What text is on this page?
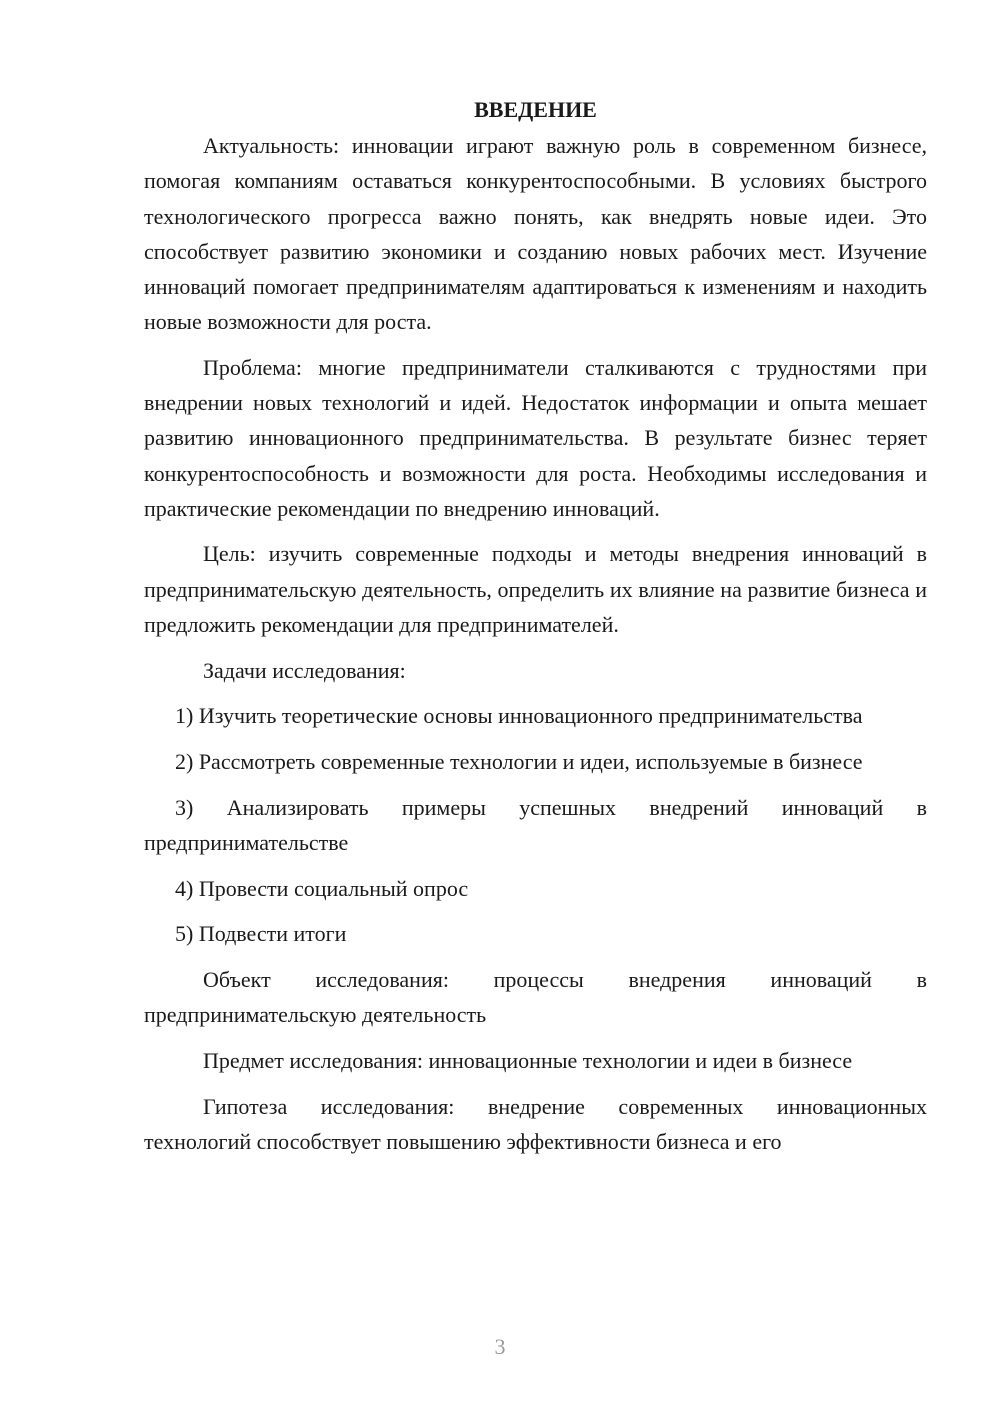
ВВЕДЕНИЕ

Актуальность: инновации играют важную роль в современном бизнесе, помогая компаниям оставаться конкурентоспособными. В условиях быстрого технологического прогресса важно понять, как внедрять новые идеи. Это способствует развитию экономики и созданию новых рабочих мест. Изучение инноваций помогает предпринимателям адаптироваться к изменениям и находить новые возможности для роста.

Проблема: многие предприниматели сталкиваются с трудностями при внедрении новых технологий и идей. Недостаток информации и опыта мешает развитию инновационного предпринимательства. В результате бизнес теряет конкурентоспособность и возможности для роста. Необходимы исследования и практические рекомендации по внедрению инноваций.

Цель: изучить современные подходы и методы внедрения инноваций в предпринимательскую деятельность, определить их влияние на развитие бизнеса и предложить рекомендации для предпринимателей.

Задачи исследования:

1) Изучить теоретические основы инновационного предпринимательства

2) Рассмотреть современные технологии и идеи, используемые в бизнесе

3) Анализировать примеры успешных внедрений инноваций в предпринимательстве

4) Провести социальный опрос

5) Подвести итоги

Объект исследования: процессы внедрения инноваций в предпринимательскую деятельность

Предмет исследования: инновационные технологии и идеи в бизнесе

Гипотеза исследования: внедрение современных инновационных технологий способствует повышению эффективности бизнеса и его

3
